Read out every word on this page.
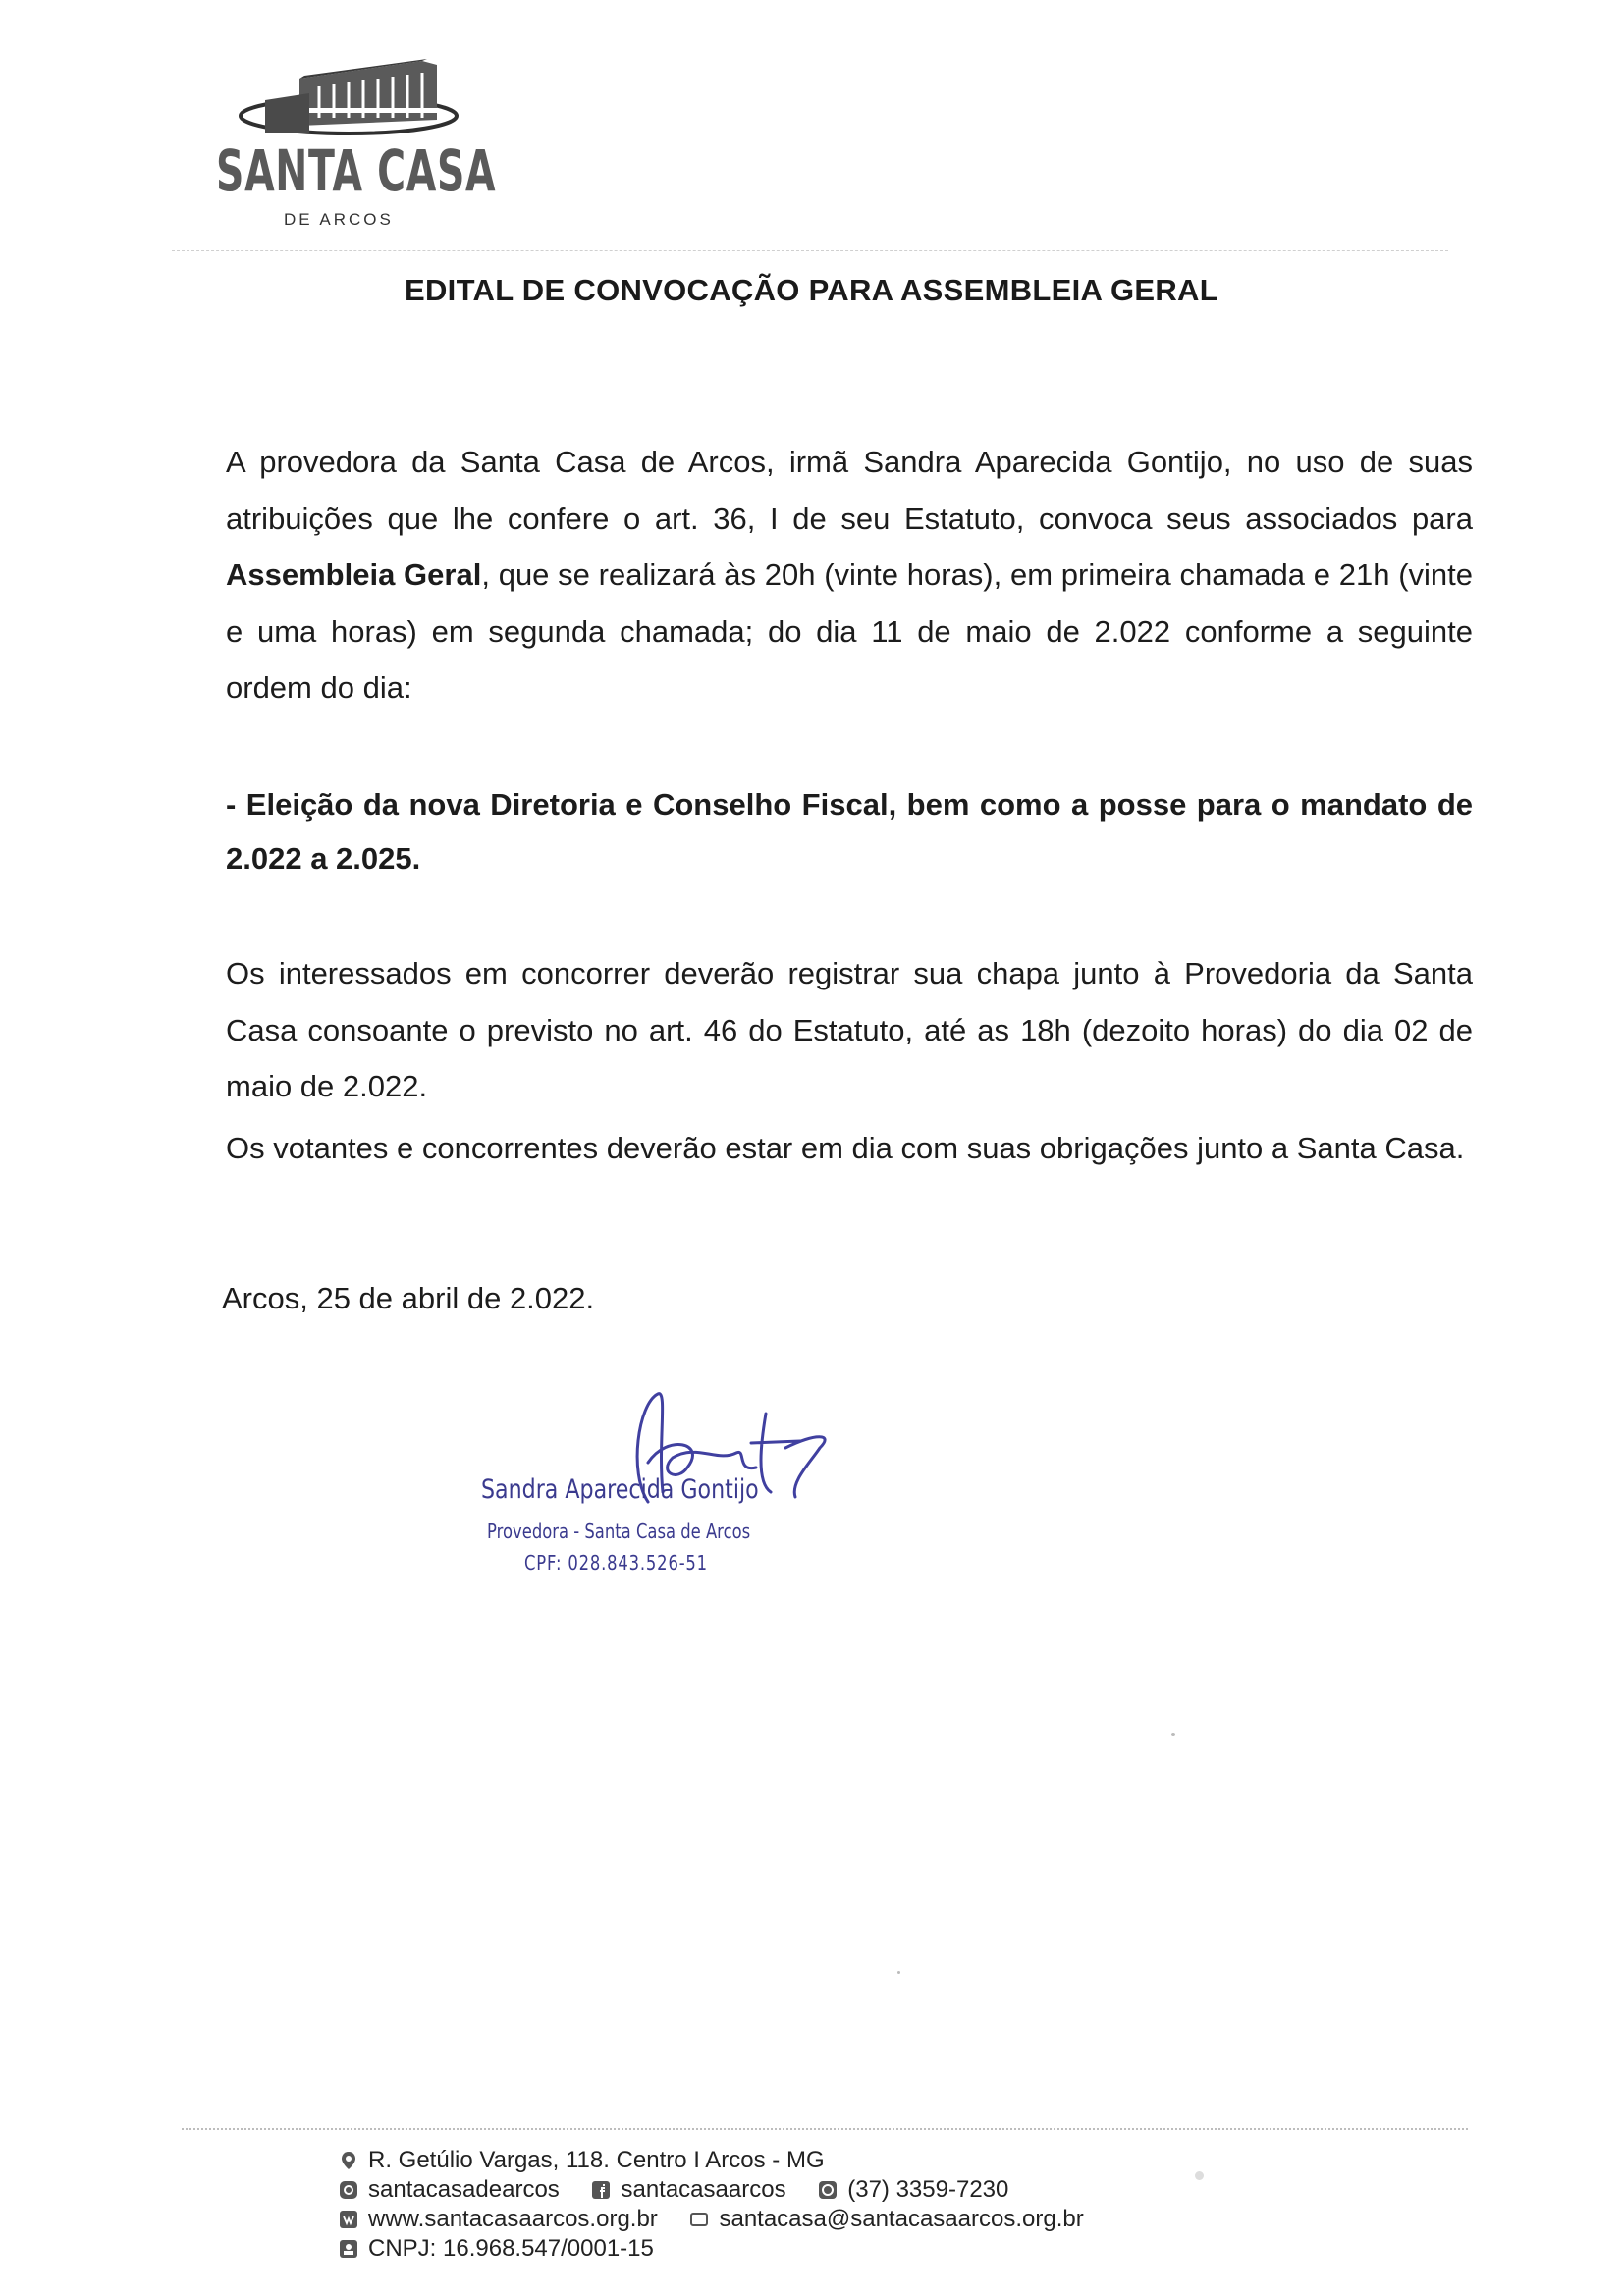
SANTA CASA
DE ARCOS
EDITAL DE CONVOCAÇÃO PARA ASSEMBLEIA GERAL
A provedora da Santa Casa de Arcos, irmã Sandra Aparecida Gontijo, no uso de suas atribuições que lhe confere o art. 36, I de seu Estatuto, convoca seus associados para Assembleia Geral, que se realizará às 20h (vinte horas), em primeira chamada e 21h (vinte e uma horas) em segunda chamada; do dia 11 de maio de 2.022 conforme a seguinte ordem do dia:
- Eleição da nova Diretoria e Conselho Fiscal, bem como a posse para o mandato de 2.022 a 2.025.
Os interessados em concorrer deverão registrar sua chapa junto à Provedoria da Santa Casa consoante o previsto no art. 46 do Estatuto, até as 18h (dezoito horas) do dia 02 de maio de 2.022.
Os votantes e concorrentes deverão estar em dia com suas obrigações junto a Santa Casa.
Arcos, 25 de abril de 2.022.
Sandra Aparecida Gontijo
Provedora - Santa Casa de Arcos
CPF: 028.843.526-51
R. Getúlio Vargas, 118. Centro I Arcos - MG
santacasadearcos	santacasaarcos	(37) 3359-7230
www.santacasaarcos.org.br	santacasa@santacasaarcos.org.br
CNPJ: 16.968.547/0001-15
